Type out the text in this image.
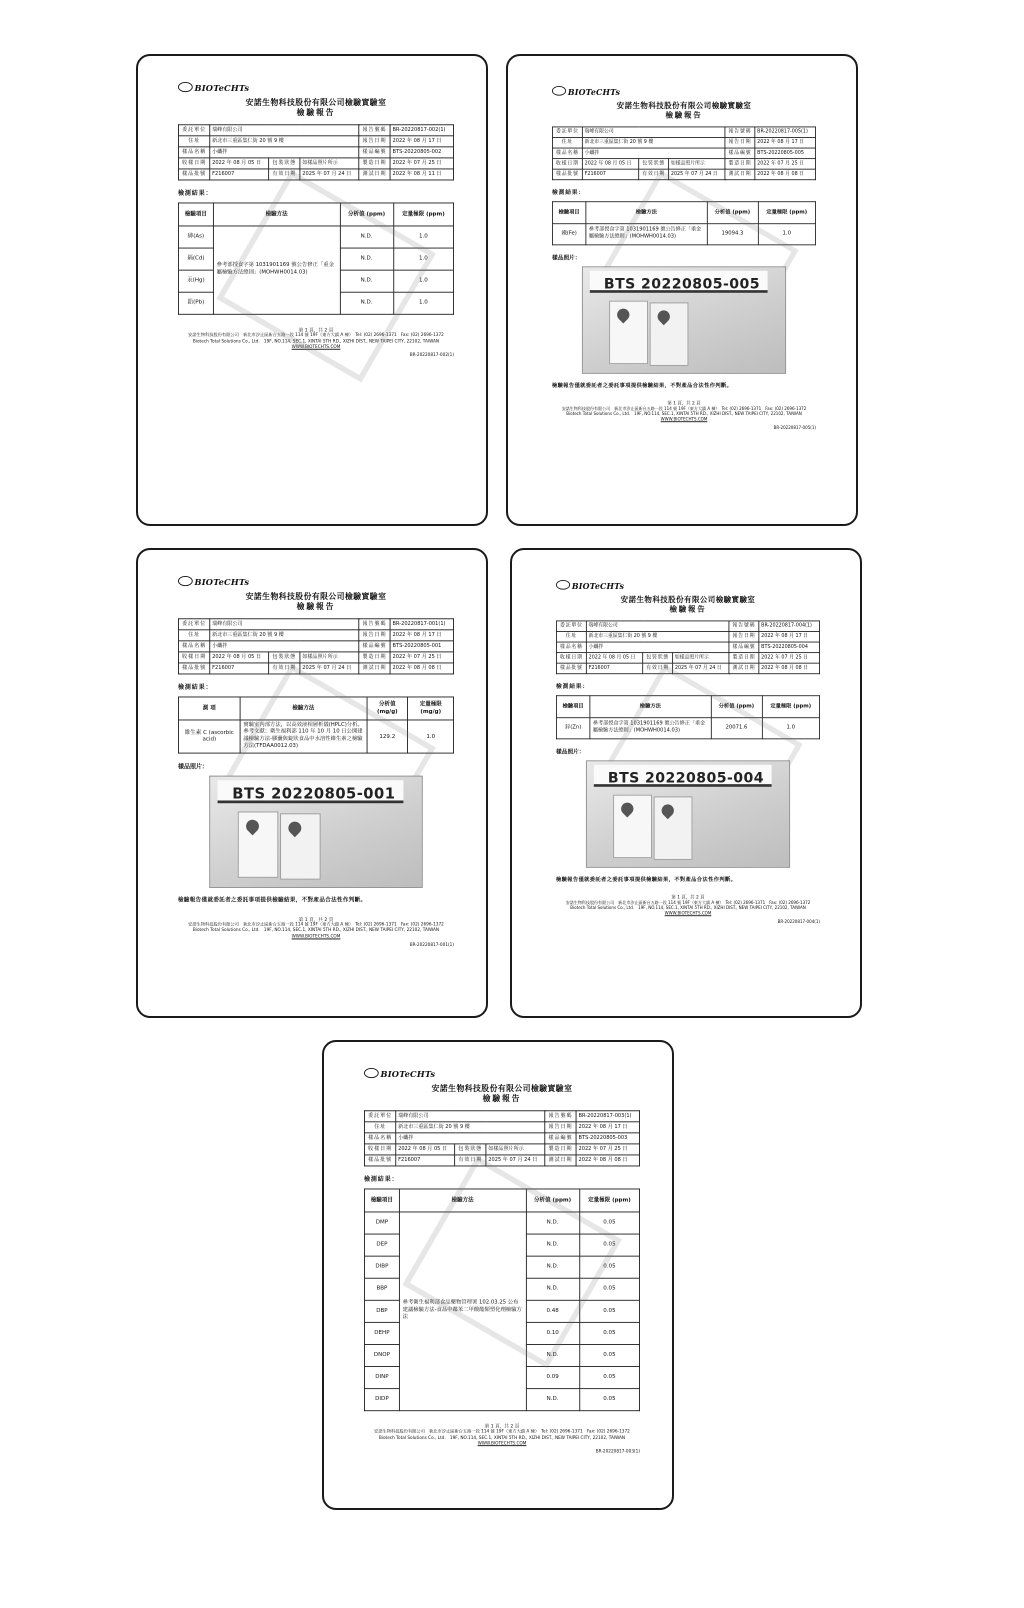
BIOTeCHTs
安諾生物科技股份有限公司檢驗實驗室
檢驗報告
委託單位	瑞峰有限公司			報告號碼	BR-20220817-002(1)
住址	新北市三重區集仁街 20 號 9 樓			報告日期	2022 年 08 月 17 日
樣品名稱	小纖拌			樣品編號	BTS-20220805-002
收樣日期	2022 年 08 月 05 日	包裝狀態	如樣品照片所示	製造日期	2022 年 07 月 25 日
樣品批號	F216007	有效日期	2025 年 07 月 24 日	測試日期	2022 年 08 月 11 日
檢測結果：
檢驗項目	檢驗方法	分析值 (ppm)	定量極限 (ppm)
砷(As)	參考部授食字第 1031901169 號公告修正「重金屬檢驗方法總則」(MOHWH0014.03)	N.D.	1.0
鎘(Cd)		N.D.	1.0
汞(Hg)		N.D.	1.0
鉛(Pb)		N.D.	1.0
第 1 頁，共 2 頁
安諾生物科技股份有限公司　新北市汐止區新台五路一段 114 號 19F（東方大鎮 A 棟）　Tel: (02) 2696-1371　Fax: (02) 2696-1372
Biotech Total Solutions Co., Ltd.　19F, NO.114, SEC.1, XINTAI 5TH RD., XIZHI DIST., NEW TAIPEI CITY, 22102, TAIWAN
WWW.BIOTECHTS.COM
BR-20220817-002(1)
BIOTeCHTs
安諾生物科技股份有限公司檢驗實驗室
檢驗報告
委託單位	瑞峰有限公司			報告號碼	BR-20220817-005(1)
住址	新北市三重區集仁街 20 號 9 樓			報告日期	2022 年 08 月 17 日
樣品名稱	小纖拌			樣品編號	BTS-20220805-005
收樣日期	2022 年 08 月 05 日	包裝狀態	如樣品照片所示	製造日期	2022 年 07 月 25 日
樣品批號	F216007	有效日期	2025 年 07 月 24 日	測試日期	2022 年 08 月 08 日
檢測結果：
檢驗項目	檢驗方法	分析值 (ppm)	定量極限 (ppm)
鐵(Fe)	參考部授食字第 1031901169 號公告修正「重金屬檢驗方法總則」(MOHWH0014.03)	19094.3	1.0
樣品照片：
BTS 20220805-005
檢驗報告僅就委託者之委託事項提供檢驗結果，不對產品合法性作判斷。
第 1 頁，共 2 頁
安諾生物科技股份有限公司　新北市汐止區新台五路一段 114 號 19F（東方大鎮 A 棟）　Tel: (02) 2696-1371　Fax: (02) 2696-1372
Biotech Total Solutions Co., Ltd.　19F, NO.114, SEC.1, XINTAI 5TH RD., XIZHI DIST., NEW TAIPEI CITY, 22102, TAIWAN
WWW.BIOTECHTS.COM
BR-20220817-005(1)
BIOTeCHTs
安諾生物科技股份有限公司檢驗實驗室
檢驗報告
委託單位	瑞峰有限公司			報告號碼	BR-20220817-001(1)
住址	新北市三重區集仁街 20 號 9 樓			報告日期	2022 年 08 月 17 日
樣品名稱	小纖拌			樣品編號	BTS-20220805-001
收樣日期	2022 年 08 月 05 日	包裝狀態	如樣品照片所示	製造日期	2022 年 07 月 25 日
樣品批號	F216007	有效日期	2025 年 07 月 24 日	測試日期	2022 年 08 月 08 日
檢測結果：
測 項	檢驗方法	分析值 (mg/g)	定量極限 (mg/g)
維生素 C (ascorbic acid)	實驗室內部方法，以高效液相層析儀(HPLC)分析。參考文獻：衛生福利部 110 年 10 月 10 日公開建議檢驗方法-膠囊與錠狀食品中水溶性維生素之檢驗方法(TFDAA0012.03)	129.2	1.0
樣品照片：
BTS 20220805-001
檢驗報告僅就委託者之委託事項提供檢驗結果，不對產品合法性作判斷。
第 1 頁，共 2 頁
安諾生物科技股份有限公司　新北市汐止區新台五路一段 114 號 19F（東方大鎮 A 棟）　Tel: (02) 2696-1371　Fax: (02) 2696-1372
Biotech Total Solutions Co., Ltd.　19F, NO.114, SEC.1, XINTAI 5TH RD., XIZHI DIST., NEW TAIPEI CITY, 22102, TAIWAN
WWW.BIOTECHTS.COM
BR-20220817-001(1)
BIOTeCHTs
安諾生物科技股份有限公司檢驗實驗室
檢驗報告
委託單位	瑞峰有限公司			報告號碼	BR-20220817-004(1)
住址	新北市三重區集仁街 20 號 9 樓			報告日期	2022 年 08 月 17 日
樣品名稱	小纖拌			樣品編號	BTS-20220805-004
收樣日期	2022 年 08 月 05 日	包裝狀態	如樣品照片所示	製造日期	2022 年 07 月 25 日
樣品批號	F216007	有效日期	2025 年 07 月 24 日	測試日期	2022 年 08 月 08 日
檢測結果：
檢驗項目	檢驗方法	分析值 (ppm)	定量極限 (ppm)
鋅(Zn)	參考部授食字第 1031901169 號公告修正「重金屬檢驗方法總則」(MOHWH0014.03)	20071.6	1.0
樣品照片：
BTS 20220805-004
檢驗報告僅就委託者之委託事項提供檢驗結果，不對產品合法性作判斷。
第 1 頁，共 2 頁
安諾生物科技股份有限公司　新北市汐止區新台五路一段 114 號 19F（東方大鎮 A 棟）　Tel: (02) 2696-1371　Fax: (02) 2696-1372
Biotech Total Solutions Co., Ltd.　19F, NO.114, SEC.1, XINTAI 5TH RD., XIZHI DIST., NEW TAIPEI CITY, 22102, TAIWAN
WWW.BIOTECHTS.COM
BR-20220817-004(1)
BIOTeCHTs
安諾生物科技股份有限公司檢驗實驗室
檢驗報告
委託單位	瑞峰有限公司			報告號碼	BR-20220817-003(1)
住址	新北市三重區集仁街 20 號 9 樓			報告日期	2022 年 08 月 17 日
樣品名稱	小纖拌			樣品編號	BTS-20220805-003
收樣日期	2022 年 08 月 05 日	包裝狀態	如樣品照片所示	製造日期	2022 年 07 月 25 日
樣品批號	F216007	有效日期	2025 年 07 月 24 日	測試日期	2022 年 08 月 08 日
檢測結果：
檢驗項目	檢驗方法	分析值 (ppm)	定量極限 (ppm)
DMP	參考衛生福利部食品藥物管理署 102.03.25 公布建議檢驗方法-食品中鄰苯二甲酸酯類塑化劑檢驗方法	N.D.	0.05
DEP		N.D.	0.05
DIBP		N.D.	0.05
BBP		N.D.	0.05
DBP		0.48	0.05
DEHP		0.10	0.05
DNOP		N.D.	0.05
DINP		0.09	0.05
DIDP		N.D.	0.05
第 1 頁，共 2 頁
安諾生物科技股份有限公司　新北市汐止區新台五路一段 114 號 19F（東方大鎮 A 棟）　Tel: (02) 2696-1371　Fax: (02) 2696-1372
Biotech Total Solutions Co., Ltd.　19F, NO.114, SEC.1, XINTAI 5TH RD., XIZHI DIST., NEW TAIPEI CITY, 22102, TAIWAN
WWW.BIOTECHTS.COM
BR-20220817-003(1)
